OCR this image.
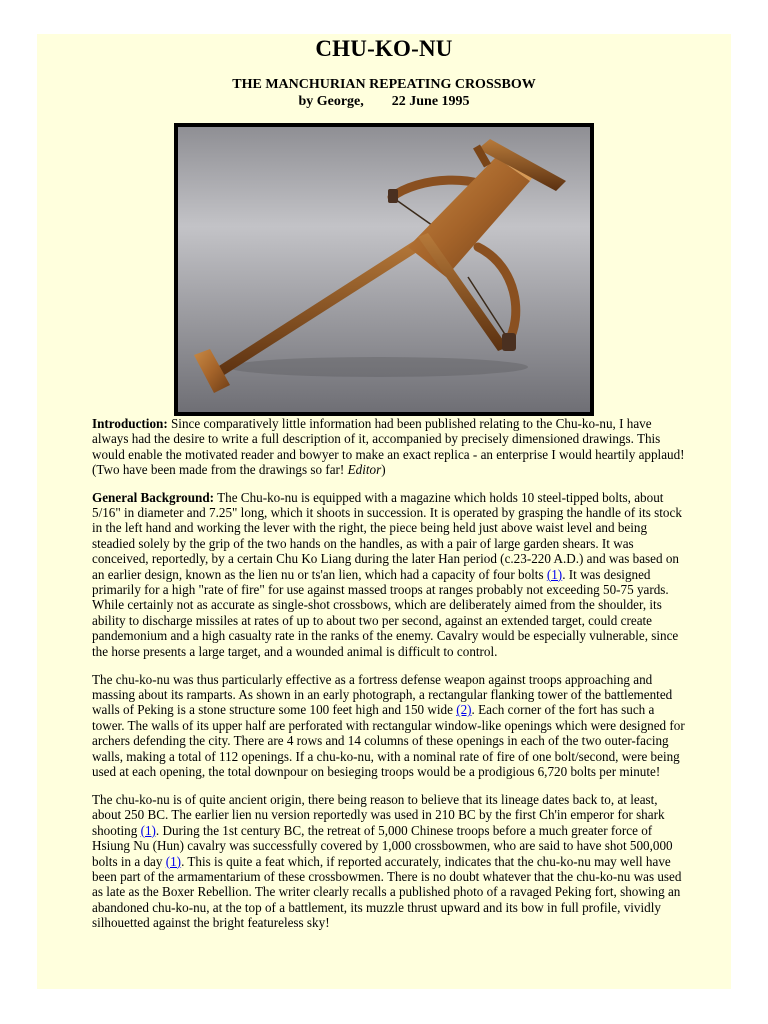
CHU-KO-NU
THE MANCHURIAN REPEATING CROSSBOW
by George,        22 June 1995

Introduction: Since comparatively little information had been published relating to the Chu-ko-nu, I have always had the desire to write a full description of it, accompanied by precisely dimensioned drawings. This would enable the motivated reader and bowyer to make an exact replica - an enterprise I would heartily applaud! (Two have been made from the drawings so far! Editor)

General Background: The Chu-ko-nu is equipped with a magazine which holds 10 steel-tipped bolts, about 5/16" in diameter and 7.25" long, which it shoots in succession. It is operated by grasping the handle of its stock in the left hand and working the lever with the right, the piece being held just above waist level and being steadied solely by the grip of the two hands on the handles, as with a pair of large garden shears. It was conceived, reportedly, by a certain Chu Ko Liang during the later Han period (c.23-220 A.D.) and was based on an earlier design, known as the lien nu or ts'an lien, which had a capacity of four bolts (1). It was designed primarily for a high "rate of fire" for use against massed troops at ranges probably not exceeding 50-75 yards. While certainly not as accurate as single-shot crossbows, which are deliberately aimed from the shoulder, its ability to discharge missiles at rates of up to about two per second, against an extended target, could create pandemonium and a high casualty rate in the ranks of the enemy. Cavalry would be especially vulnerable, since the horse presents a large target, and a wounded animal is difficult to control.

The chu-ko-nu was thus particularly effective as a fortress defense weapon against troops approaching and massing about its ramparts. As shown in an early photograph, a rectangular flanking tower of the battlemented walls of Peking is a stone structure some 100 feet high and 150 wide (2). Each corner of the fort has such a tower. The walls of its upper half are perforated with rectangular window-like openings which were designed for archers defending the city. There are 4 rows and 14 columns of these openings in each of the two outer-facing walls, making a total of 112 openings. If a chu-ko-nu, with a nominal rate of fire of one bolt/second, were being used at each opening, the total downpour on besieging troops would be a prodigious 6,720 bolts per minute!

The chu-ko-nu is of quite ancient origin, there being reason to believe that its lineage dates back to, at least, about 250 BC. The earlier lien nu version reportedly was used in 210 BC by the first Ch'in emperor for shark shooting (1). During the 1st century BC, the retreat of 5,000 Chinese troops before a much greater force of Hsiung Nu (Hun) cavalry was successfully covered by 1,000 crossbowmen, who are said to have shot 500,000 bolts in a day (1). This is quite a feat which, if reported accurately, indicates that the chu-ko-nu may well have been part of the armamentarium of these crossbowmen. There is no doubt whatever that the chu-ko-nu was used as late as the Boxer Rebellion. The writer clearly recalls a published photo of a ravaged Peking fort, showing an abandoned chu-ko-nu, at the top of a battlement, its muzzle thrust upward and its bow in full profile, vividly silhouetted against the bright featureless sky!
